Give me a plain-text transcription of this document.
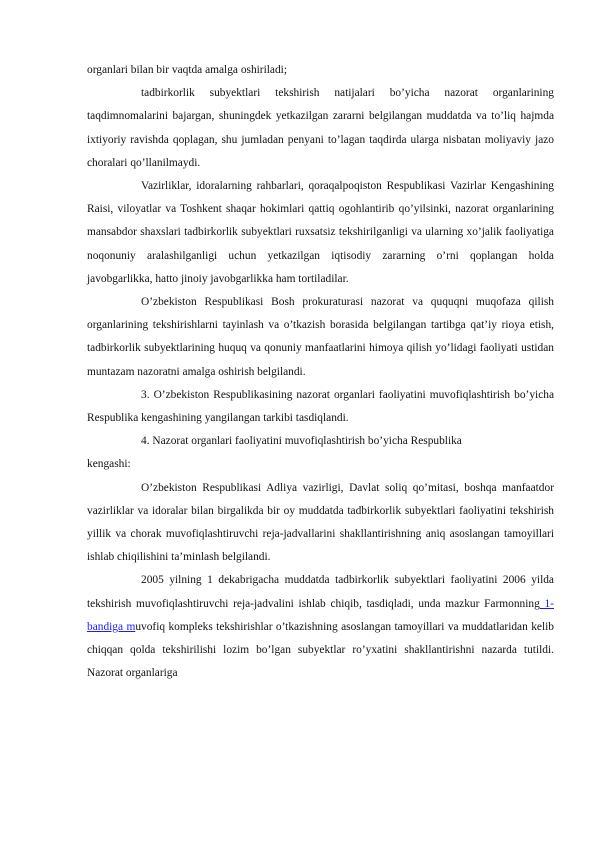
organlari bilan bir vaqtda amalga oshiriladi;

tadbirkorlik subyektlari tekshirish natijalari bo’yicha nazorat organlarining taqdimnomalarini bajargan, shuningdek yetkazilgan zararni belgilangan muddatda va to’liq hajmda ixtiyoriy ravishda qoplagan, shu jumladan penyani to’lagan taqdirda ularga nisbatan moliyaviy jazo choralari qo’llanilmaydi.

Vazirliklar, idoralarning rahbarlari, qoraqalpoqiston Respublikasi Vazirlar Kengashining Raisi, viloyatlar va Toshkent shaqar hokimlari qattiq ogohlantirib qo’yilsinki, nazorat organlarining mansabdor shaxslari tadbirkorlik subyektlari ruxsatsiz tekshirilganligi va ularning xo’jalik faoliyatiga noqonuniy aralashilganligi uchun yetkazilgan iqtisodiy zararning o’rni qoplangan holda javobgarlikka, hatto jinoiy javobgarlikka ham tortiladilar.

O’zbekiston Respublikasi Bosh prokuraturasi nazorat va ququqni muqofaza qilish organlarining tekshirishlarni tayinlash va o’tkazish borasida belgilangan tartibga qat’iy rioya etish, tadbirkorlik subyektlarining huquq va qonuniy manfaatlarini himoya qilish yo’lidagi faoliyati ustidan muntazam nazoratni amalga oshirish belgilandi.

3. O’zbekiston Respublikasining nazorat organlari faoliyatini muvofiqlashtirish bo’yicha Respublika kengashining yangilangan tarkibi tasdiqlandi.

4. Nazorat organlari faoliyatini muvofiqlashtirish bo’yicha Respublika

kengashi:

O’zbekiston Respublikasi Adliya vazirligi, Davlat soliq qo’mitasi, boshqa manfaatdor vazirliklar va idoralar bilan birgalikda bir oy muddatda tadbirkorlik subyektlari faoliyatini tekshirish yillik va chorak muvofiqlashtiruvchi reja-jadvallarini shakllantirishning aniq asoslangan tamoyillari ishlab chiqilishini ta’minlash belgilandi.

2005 yilning 1 dekabrigacha muddatda tadbirkorlik subyektlari faoliyatini 2006 yilda tekshirish muvofiqlashtiruvchi reja-jadvalini ishlab chiqib, tasdiqladi, unda mazkur Farmonning 1-bandiga muvofiq kompleks tekshirishlar o’tkazishning asoslangan tamoyillari va muddatlaridan kelib chiqqan qolda tekshirilishi lozim bo’lgan subyektlar ro’yxatini shakllantirishni nazarda tutildi. Nazorat organlariga
